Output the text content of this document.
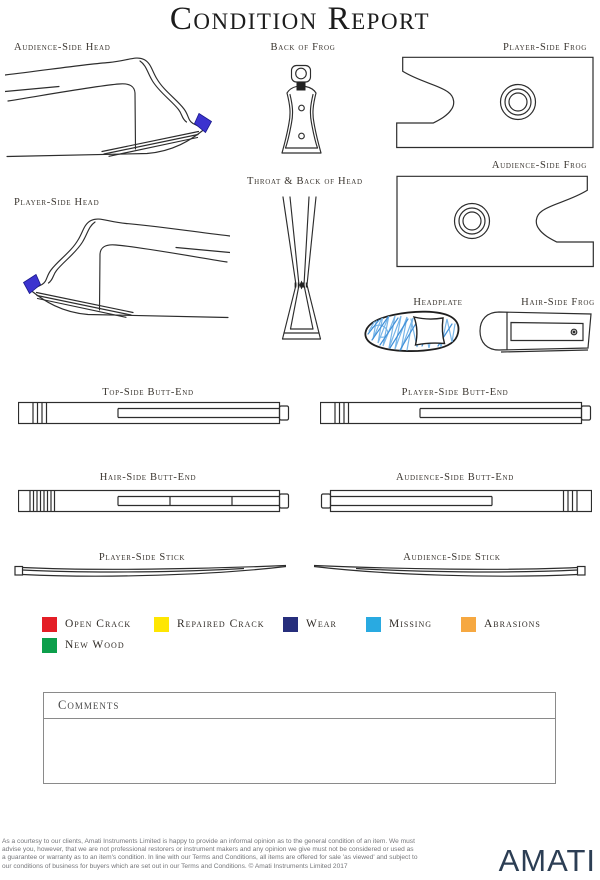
Condition Report
Audience-Side Head	Back of Frog	Player-Side Frog
Audience-Side Frog
Player-Side Head
Throat & Back of Head
Headplate	Hair-Side Frog
Top-Side Butt-End	Player-Side Butt-End
Hair-Side Butt-End	Audience-Side Butt-End
Player-Side Stick	Audience-Side Stick
Open Crack	Repaired Crack	Wear	Missing	Abrasions
New Wood
Comments
As a courtesy to our clients, Amati Instruments Limited is happy to provide an informal opinion as to the general condition of an item. We must
advise you, however, that we are not professional restorers or instrument makers and any opinion we give must not be considered or used as
a guarantee or warranty as to an item's condition. In line with our Terms and Conditions, all items are offered for sale 'as viewed' and subject to
our conditions of business for buyers which are set out in our Terms and Conditions. © Amati Instruments Limited 2017	AMATI
